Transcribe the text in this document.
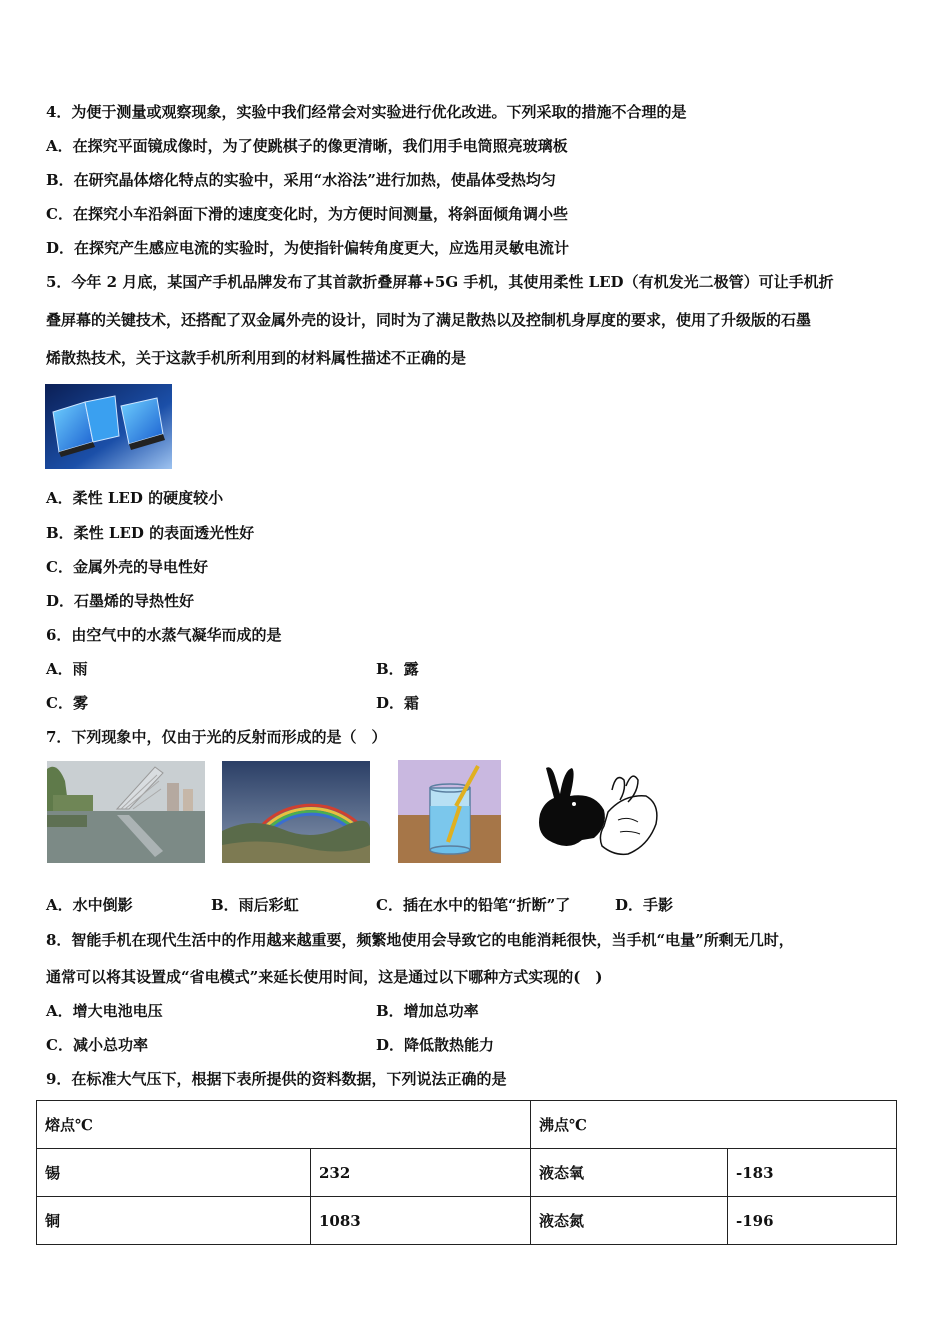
4．为便于测量或观察现象，实验中我们经常会对实验进行优化改进。下列采取的措施不合理的是
A．在探究平面镜成像时，为了使跳棋子的像更清晰，我们用手电筒照亮玻璃板
B．在研究晶体熔化特点的实验中，采用“水浴法”进行加热，使晶体受热均匀
C．在探究小车沿斜面下滑的速度变化时，为方便时间测量，将斜面倾角调小些
D．在探究产生感应电流的实验时，为使指针偏转角度更大，应选用灵敏电流计
5．今年 2 月底，某国产手机品牌发布了其首款折叠屏幕+5G 手机，其使用柔性 LED（有机发光二极管）可让手机折
叠屏幕的关键技术，还搭配了双金属外壳的设计，同时为了满足散热以及控制机身厚度的要求，使用了升级版的石墨
烯散热技术，关于这款手机所利用到的材料属性描述不正确的是
A．柔性 LED 的硬度较小
B．柔性 LED 的表面透光性好
C．金属外壳的导电性好
D．石墨烯的导热性好
6．由空气中的水蒸气凝华而成的是
A．雨	B．露
C．雾	D．霜
7．下列现象中，仅由于光的反射而形成的是（　）
A．水中倒影	B．雨后彩虹	C．插在水中的铅笔“折断”了	D．手影
8．智能手机在现代生活中的作用越来越重要，频繁地使用会导致它的电能消耗很快，当手机“电量”所剩无几时，
通常可以将其设置成“省电模式”来延长使用时间，这是通过以下哪种方式实现的(　)
A．增大电池电压	B．增加总功率
C．减小总功率	D．降低散热能力
9．在标准大气压下，根据下表所提供的资料数据，下列说法正确的是
熔点℃		沸点℃	
锡	232	液态氧	-183
铜	1083	液态氮	-196
